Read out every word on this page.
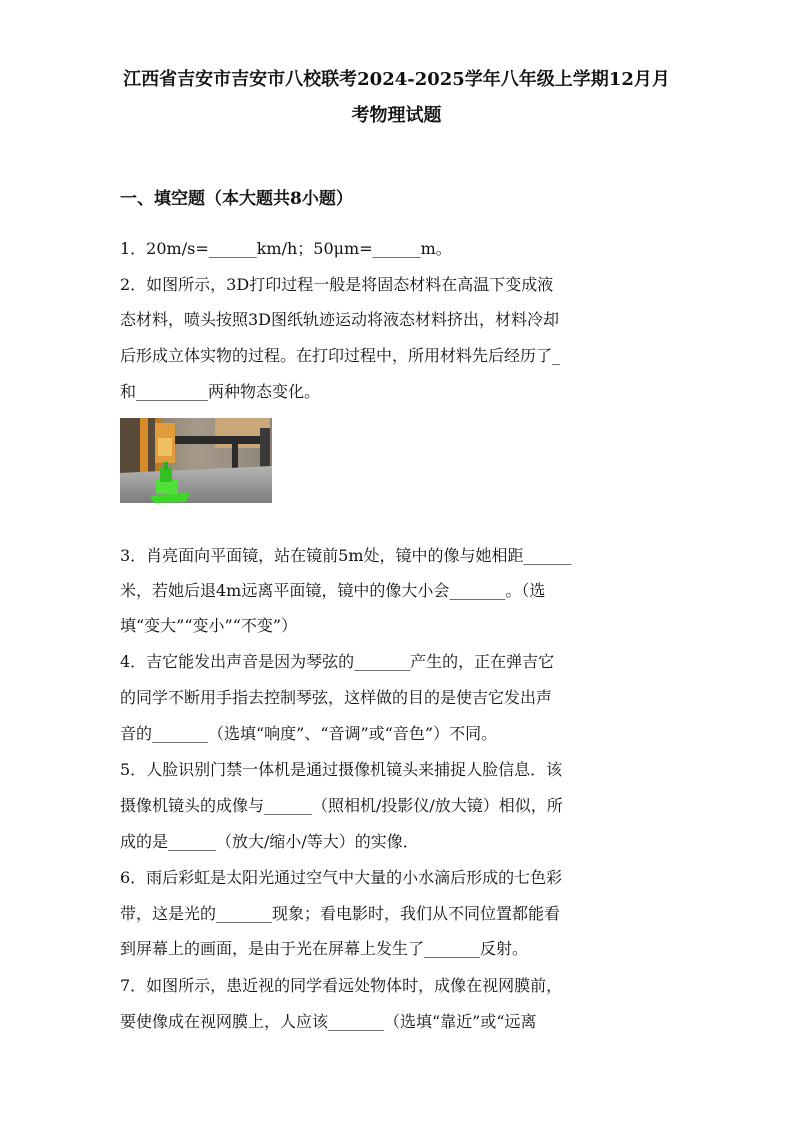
江西省吉安市吉安市八校联考2024-2025学年八年级上学期12月月
考物理试题
一、填空题（本大题共8小题）
1．20m/s=______km/h；50μm=______m。
2．如图所示，3D打印过程一般是将固态材料在高温下变成液
态材料，喷头按照3D图纸轨迹运动将液态材料挤出，材料冷却
后形成立体实物的过程。在打印过程中，所用材料先后经历了_
和_________两种物态变化。
3．肖亮面向平面镜，站在镜前5m处，镜中的像与她相距______
米，若她后退4m远离平面镜，镜中的像大小会_______。（选
填“变大”“变小”“不变”）
4．吉它能发出声音是因为琴弦的_______产生的，正在弹吉它
的同学不断用手指去控制琴弦，这样做的目的是使吉它发出声
音的_______（选填“响度”、“音调”或“音色”）不同。
5．人脸识别门禁一体机是通过摄像机镜头来捕捉人脸信息．该
摄像机镜头的成像与______（照相机/投影仪/放大镜）相似，所
成的是______（放大/缩小/等大）的实像．
6．雨后彩虹是太阳光通过空气中大量的小水滴后形成的七色彩
带，这是光的_______现象；看电影时，我们从不同位置都能看
到屏幕上的画面，是由于光在屏幕上发生了_______反射。
7．如图所示，患近视的同学看远处物体时，成像在视网膜前，
要使像成在视网膜上，人应该_______（选填“靠近”或“远离
